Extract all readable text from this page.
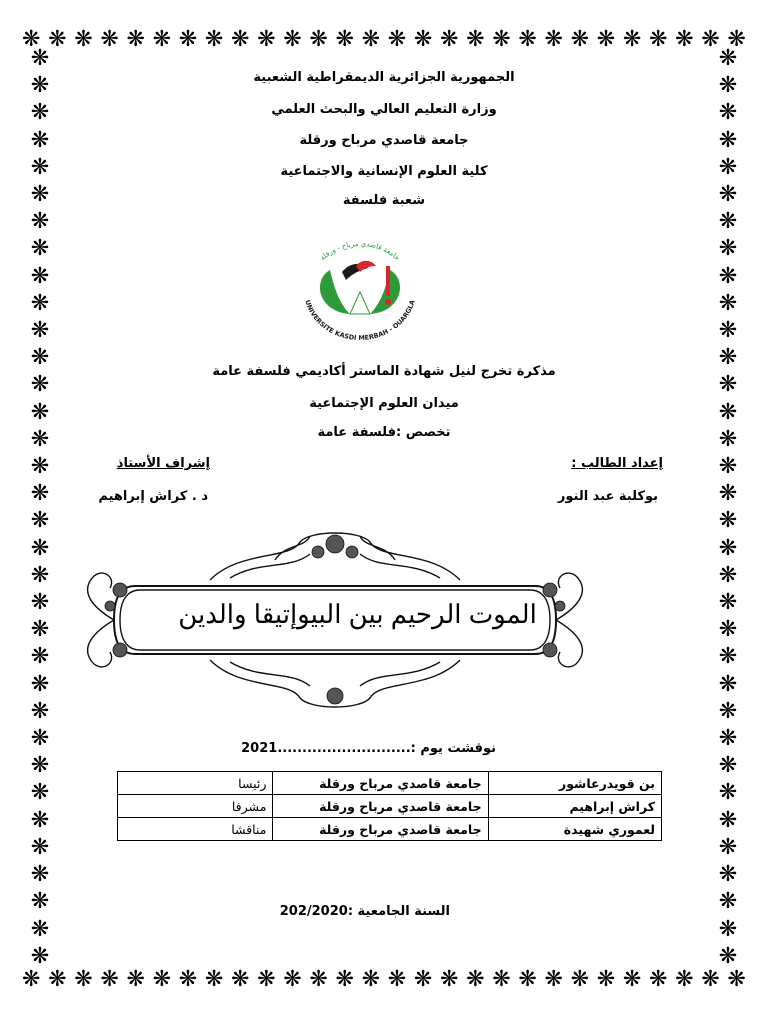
❋ ❋ ❋ ❋ ❋ ❋ ❋ ❋ ❋ ❋ ❋ ❋ ❋ ❋ ❋ ❋ ❋ ❋ ❋ ❋ ❋ ❋ ❋ ❋ ❋ ❋ ❋ ❋
❋ ❋ ❋ ❋ ❋ ❋ ❋ ❋ ❋ ❋ ❋ ❋ ❋ ❋ ❋ ❋ ❋ ❋ ❋ ❋ ❋ ❋ ❋ ❋ ❋ ❋ ❋ ❋
❋
❋
❋
❋
❋
❋
❋
❋
❋
❋
❋
❋
❋
❋
❋
❋
❋
❋
❋
❋
❋
❋
❋
❋
❋
❋
❋
❋
❋
❋
❋
❋
❋
❋
❋
❋
❋
❋
❋
❋
❋
❋
❋
❋
❋
❋
❋
❋
❋
❋
❋
❋
❋
❋
❋
❋
❋
❋
❋
❋
❋
❋
❋
❋
❋
❋
❋
❋
الجمهورية الجزائرية الديمقراطية الشعبية
وزارة التعليم العالي والبحث العلمي
جامعة قاصدي مرباح ورقلة
كلية العلوم الإنسانية والاجتماعية
شعبة فلسفة
جامعة قاصدي مرباح - ورقلة
UNIVERSITE KASDI MERBAH - OUARGLA
مذكرة تخرج لنيل شهادة الماستر أكاديمي فلسفة عامة
ميدان العلوم الإجتماعية
تخصص :فلسفة عامة
إعداد الطالب :
بوكلبة عبد النور
إشراف الأستاذ
د . كراش إبراهيم
الموت الرحيم بين البيوإتيقا والدين
نوقشت يوم :...........................2021
بن قويدرعاشور	جامعة قاصدي مرباح ورقلة	رئيسا
كراش إبراهيم	جامعة قاصدي مرباح ورقلة	مشرفا
لعموري شهيدة	جامعة قاصدي مرباح ورقلة	مناقشا
السنة الجامعية :202/2020
